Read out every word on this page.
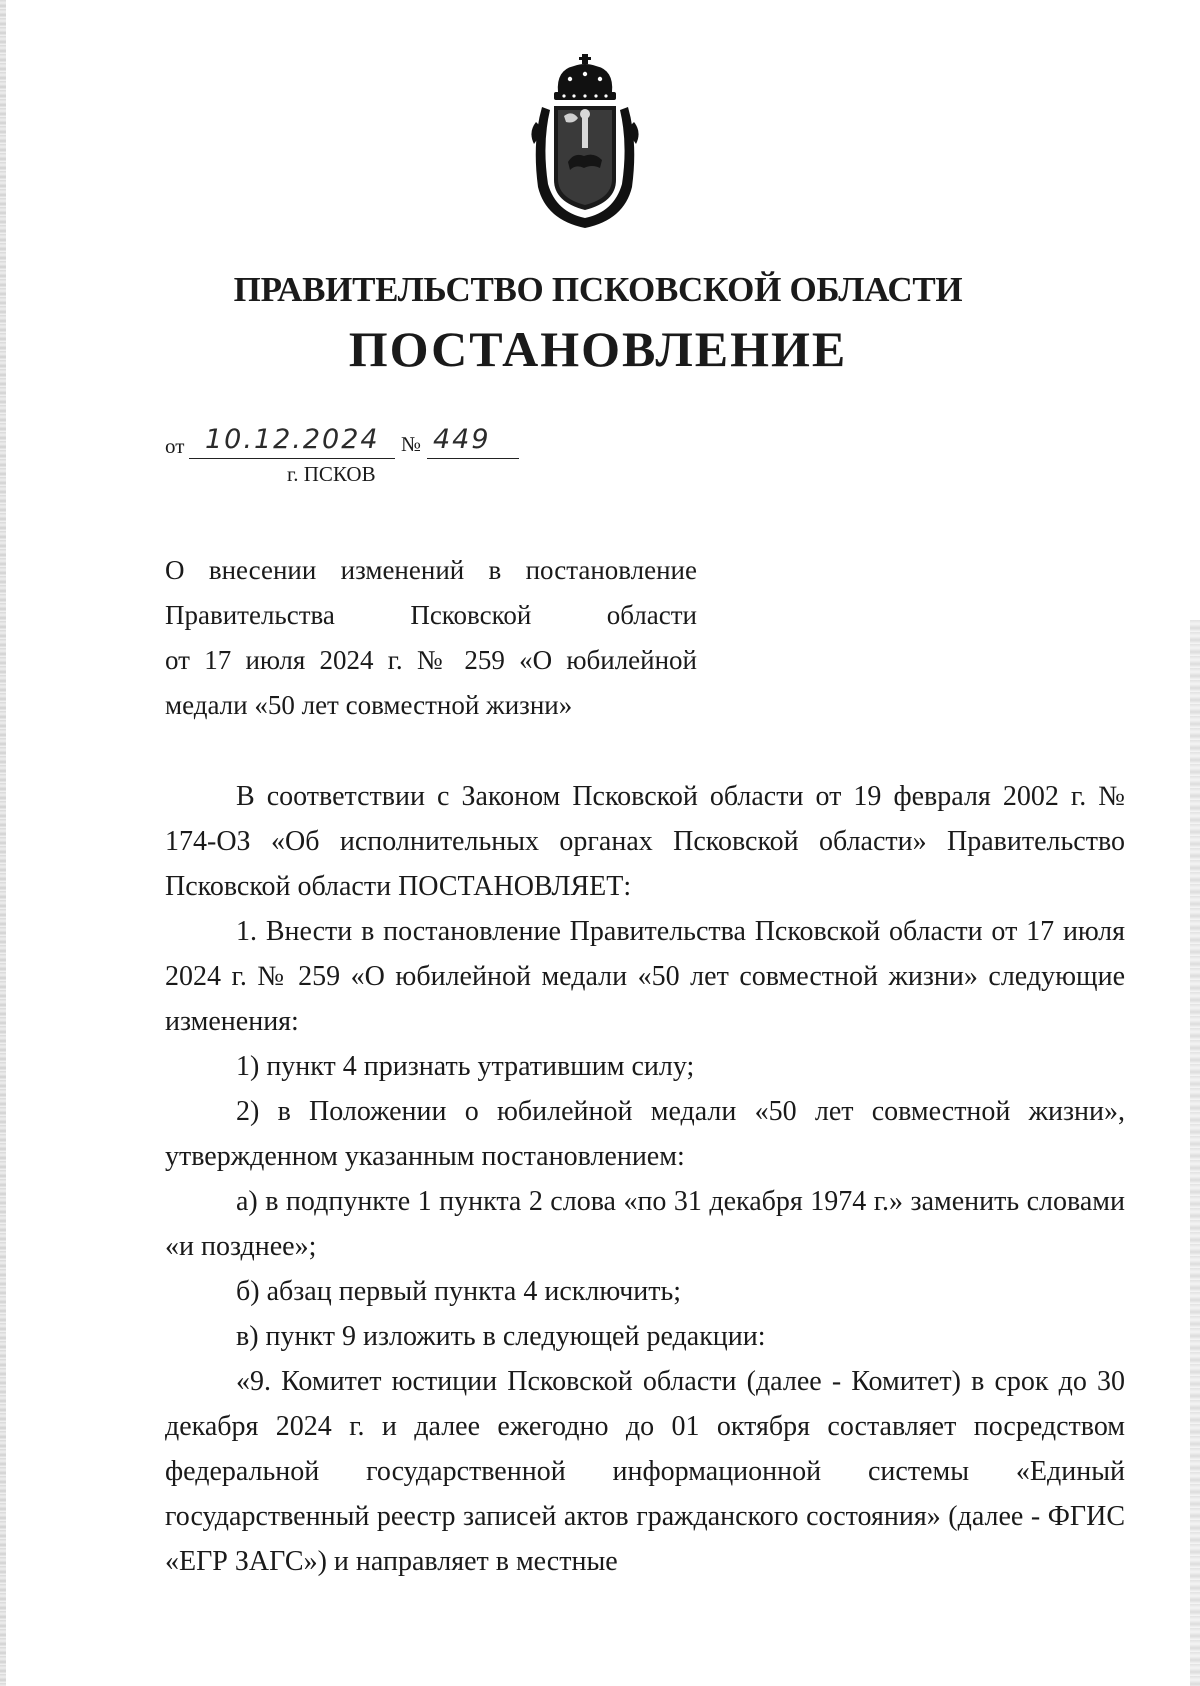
ПРАВИТЕЛЬСТВО ПСКОВСКОЙ ОБЛАСТИ
ПОСТАНОВЛЕНИЕ
от 10.12.2024 № 449
г. ПСКОВ
О внесении изменений в постановление
Правительства Псковской области
от 17 июля 2024 г. № 259 «О юбилейной
медали «50 лет совместной жизни»

В соответствии с Законом Псковской области от 19 февраля 2002 г. № 174-ОЗ «Об исполнительных органах Псковской области» Правительство Псковской области ПОСТАНОВЛЯЕТ:

1. Внести в постановление Правительства Псковской области от 17 июля 2024 г. № 259 «О юбилейной медали «50 лет совместной жизни» следующие изменения:

1) пункт 4 признать утратившим силу;

2) в Положении о юбилейной медали «50 лет совместной жизни», утвержденном указанным постановлением:

а) в подпункте 1 пункта 2 слова «по 31 декабря 1974 г.» заменить словами «и позднее»;

б) абзац первый пункта 4 исключить;

в) пункт 9 изложить в следующей редакции:

«9. Комитет юстиции Псковской области (далее - Комитет) в срок до 30 декабря 2024 г. и далее ежегодно до 01 октября составляет посредством федеральной государственной информационной системы «Единый государственный реестр записей актов гражданского состояния» (далее - ФГИС «ЕГР ЗАГС») и направляет в местные
